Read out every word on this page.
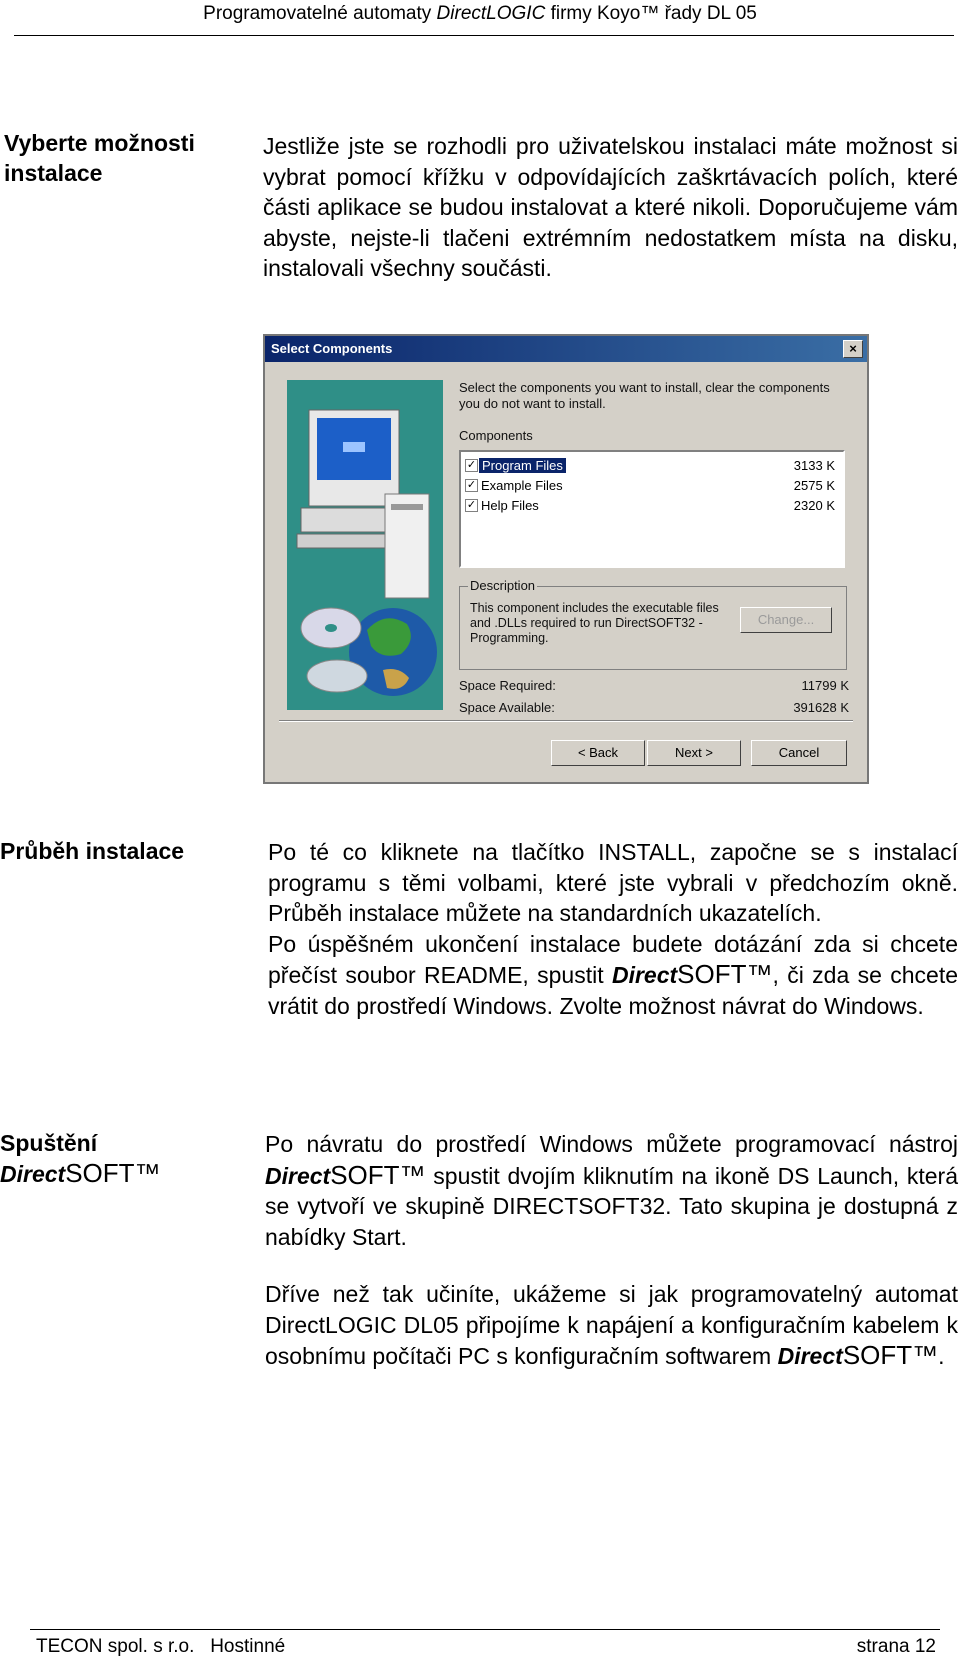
Programovatelné automaty DirectLOGIC firmy Koyo™ řady DL 05
Vyberte možnosti instalace
Jestliže jste se rozhodli pro uživatelskou instalaci máte možnost si vybrat pomocí křížku v odpovídajících zaškrtávacích polích, které části aplikace se budou instalovat a které nikoli. Doporučujeme vám abyste, nejste-li tlačeni extrémním nedostatkem místa na disku, instalovali všechny součásti.
Select Components	×
Select the components you want to install, clear the components you do not want to install.
Components
✓ Program Files	3133 K
✓ Example Files	2575 K
✓ Help Files	2320 K
Description
This component includes the executable files and .DLLs required to run DirectSOFT32 - Programming.
Change...
Space Required:	11799 K
Space Available:	391628 K
< Back	Next >	Cancel
Průběh instalace	Po té co kliknete na tlačítko INSTALL, započne se s instalací programu s těmi volbami, které jste vybrali v předchozím okně. Průběh instalace můžete na standardních ukazatelích.
Po úspěšném ukončení instalace budete dotázání zda si chcete přečíst soubor README, spustit DirectSOFT™, či zda se chcete vrátit do prostředí Windows. Zvolte možnost návrat do Windows.
Spuštění
DirectSOFT™
Po návratu do prostředí Windows můžete programovací nástroj DirectSOFT™ spustit dvojím kliknutím na ikoně DS Launch, která se vytvoří ve skupině DIRECTSOFT32. Tato skupina je dostupná z nabídky Start.
Dříve než tak učiníte, ukážeme si jak programovatelný automat DirectLOGIC DL05 připojíme k napájení a konfiguračním kabelem k osobnímu počítači PC s konfiguračním softwarem DirectSOFT™.
TECON spol. s r.o.   Hostinné	strana 12
